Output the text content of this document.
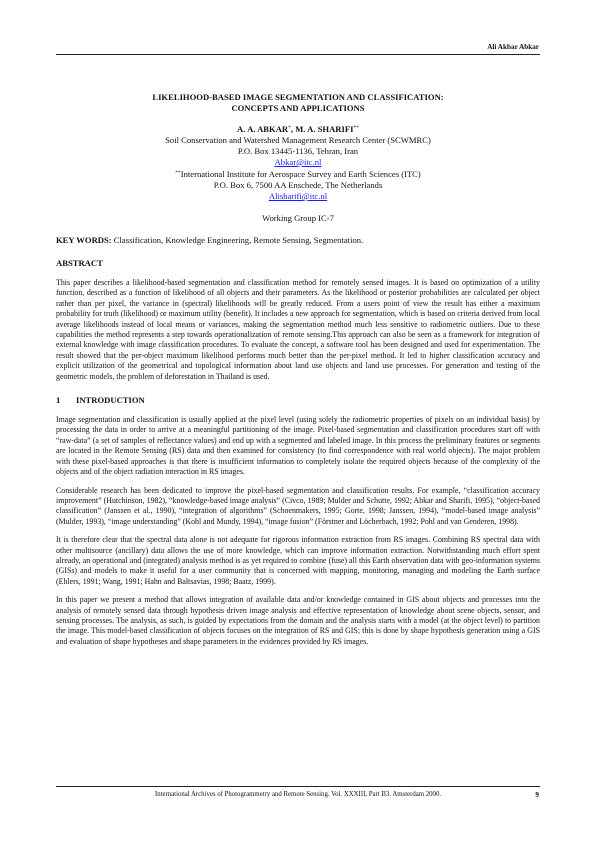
Ali Akbar Abkar
LIKELIHOOD-BASED IMAGE SEGMENTATION AND CLASSIFICATION:
CONCEPTS AND APPLICATIONS
A. A. ABKAR*, M. A. SHARIFI**
Soil Conservation and Watershed Management Research Center (SCWMRC)
P.O. Box 13445-1136, Tehran, Iran
Abkar@itc.nl
**International Institute for Aerospace Survey and Earth Sciences (ITC)
P.O. Box 6, 7500 AA Enschede, The Netherlands
Alisharifi@itc.nl
Working Group IC-7
KEY WORDS: Classification, Knowledge Engineering, Remote Sensing, Segmentation.
ABSTRACT

This paper describes a likelihood-based segmentation and classification method for remotely sensed images. It is based on optimization of a utility function, described as a function of likelihood of all objects and their parameters. As the likelihood or posterior probabilities are calculated per object rather than per pixel, the variance in (spectral) likelihoods will be greatly reduced. From a users point of view the result has either a maximum probability for truth (likelihood) or maximum utility (benefit). It includes a new approach for segmentation, which is based on criteria derived from local average likelihoods instead of local means or variances, making the segmentation method much less sensitive to radiometric outliers. Due to these capabilities the method represents a step towards operationalization of remote sensing.This approach can also be seen as a framework for integration of external knowledge with image classification procedures. To evaluate the concept, a software tool has been designed and used for experimentation. The result showed that the per-object maximum likelihood performs much better than the per-pixel method. It led to higher classification accuracy and explicit utilization of the geometrical and topological information about land use objects and land use processes. For generation and testing of the geometric models, the problem of deforestation in Thailand is used.

1 INTRODUCTION

Image segmentation and classification is usually applied at the pixel level (using solely the radiometric properties of pixels on an individual basis) by processing the data in order to arrive at a meaningful partitioning of the image. Pixel-based segmentation and classification procedures start off with “raw-data” (a set of samples of reflectance values) and end up with a segmented and labeled image. In this process the preliminary features or segments are located in the Remote Sensing (RS) data and then examined for consistency (to find correspondence with real world objects). The major problem with these pixel-based approaches is that there is insufficient information to completely isolate the required objects because of the complexity of the objects and of the object radiation interaction in RS images.

Considerable research has been dedicated to improve the pixel-based segmentation and classification results. For example, “classification accuracy improvement” (Hutchinson, 1982), “knowledge-based image analysis” (Civco, 1989; Mulder and Schutte, 1992; Abkar and Sharifi, 1995), “object-based classification” (Janssen et al., 1990), “integration of algorithms” (Schoenmakers, 1995; Gorte, 1998; Janssen, 1994), “model-based image analysis” (Mulder, 1993), “image understanding” (Kohl and Mundy, 1994), “image fusion” (Förstner and Löcherbach, 1992; Pohl and van Genderen, 1998).

It is therefore clear that the spectral data alone is not adequate for rigorous information extraction from RS images. Combining RS spectral data with other multisource (ancillary) data allows the use of more knowledge, which can improve information extraction. Notwithstanding much effort spent already, an operational and (integrated) analysis method is as yet required to combine (fuse) all this Earth observation data with geo-information systems (GISs) and models to make it useful for a user community that is concerned with mapping, monitoring, managing and modeling the Earth surface (Ehlers, 1991; Wang, 1991; Hahn and Baltsavias, 1998; Baatz, 1999).

In this paper we present a method that allows integration of available data and/or knowledge contained in GIS about objects and processes into the analysis of remotely sensed data through hypothesis driven image analysis and effective representation of knowledge about scene objects, sensor, and sensing processes. The analysis, as such, is guided by expectations from the domain and the analysis starts with a model (at the object level) to partition the image. This model-based classification of objects focuses on the integration of RS and GIS; this is done by shape hypothesis generation using a GIS and evaluation of shape hypotheses and shape parameters in the evidences provided by RS images.

International Archives of Photogrammetry and Remote Sensing. Vol. XXXIII, Part B3. Amsterdam 2000.	9
